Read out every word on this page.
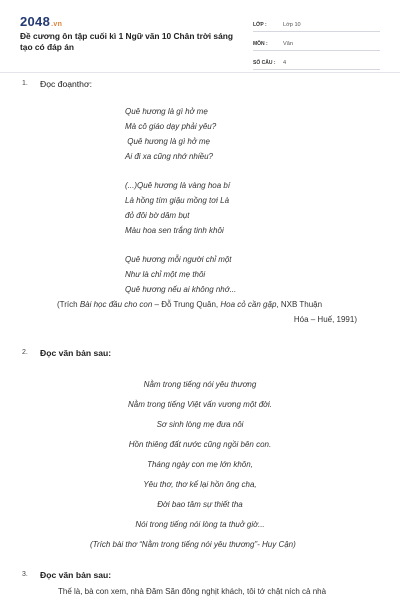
2048.vn
Đề cương ôn tập cuối kì 1 Ngữ văn 10 Chân trời sáng tạo có đáp án
LỚP :	Lớp 10
MÔN :	Văn
SỐ CÂU :	4
1. Đọc đoạnthơ:
Quê hương là gì hở mẹ
Mà cô giáo dạy phải yêu?
Quê hương là gì hở mẹ
Ai đi xa cũng nhớ nhiều?
(...)Quê hương là vàng hoa bí
Là hồng tím giậu mồng tơi Là
đỏ đôi bờ dâm bụt
Màu hoa sen trắng tinh khôi
Quê hương mỗi người chỉ một
Như là chỉ một mẹ thôi
Quê hương nếu ai không nhớ...
(Trích Bài học đầu cho con – Đỗ Trung Quân, Hoa cỏ cần gặp, NXB Thuận
Hóa – Huế, 1991)
2. Đọc văn bản sau:
Nằm trong tiếng nói yêu thương
Nằm trong tiếng Việt vấn vương một đời.
Sơ sinh lòng mẹ đưa nôi
Hồn thiêng đất nước cũng ngồi bên con.
Tháng ngày con mẹ lớn khôn,
Yêu thơ, thơ kể lại hồn ông cha,
Đời bao tâm sự thiết tha
Nói trong tiếng nói lòng ta thuở giờ...
(Trích bài thơ “Nằm trong tiếng nói yêu thương”- Huy Cận)
3. Đọc văn bản sau:
Thế là, bà con xem, nhà Đăm Săn đông nghịt khách, tôi tớ chật ních cả nhà
